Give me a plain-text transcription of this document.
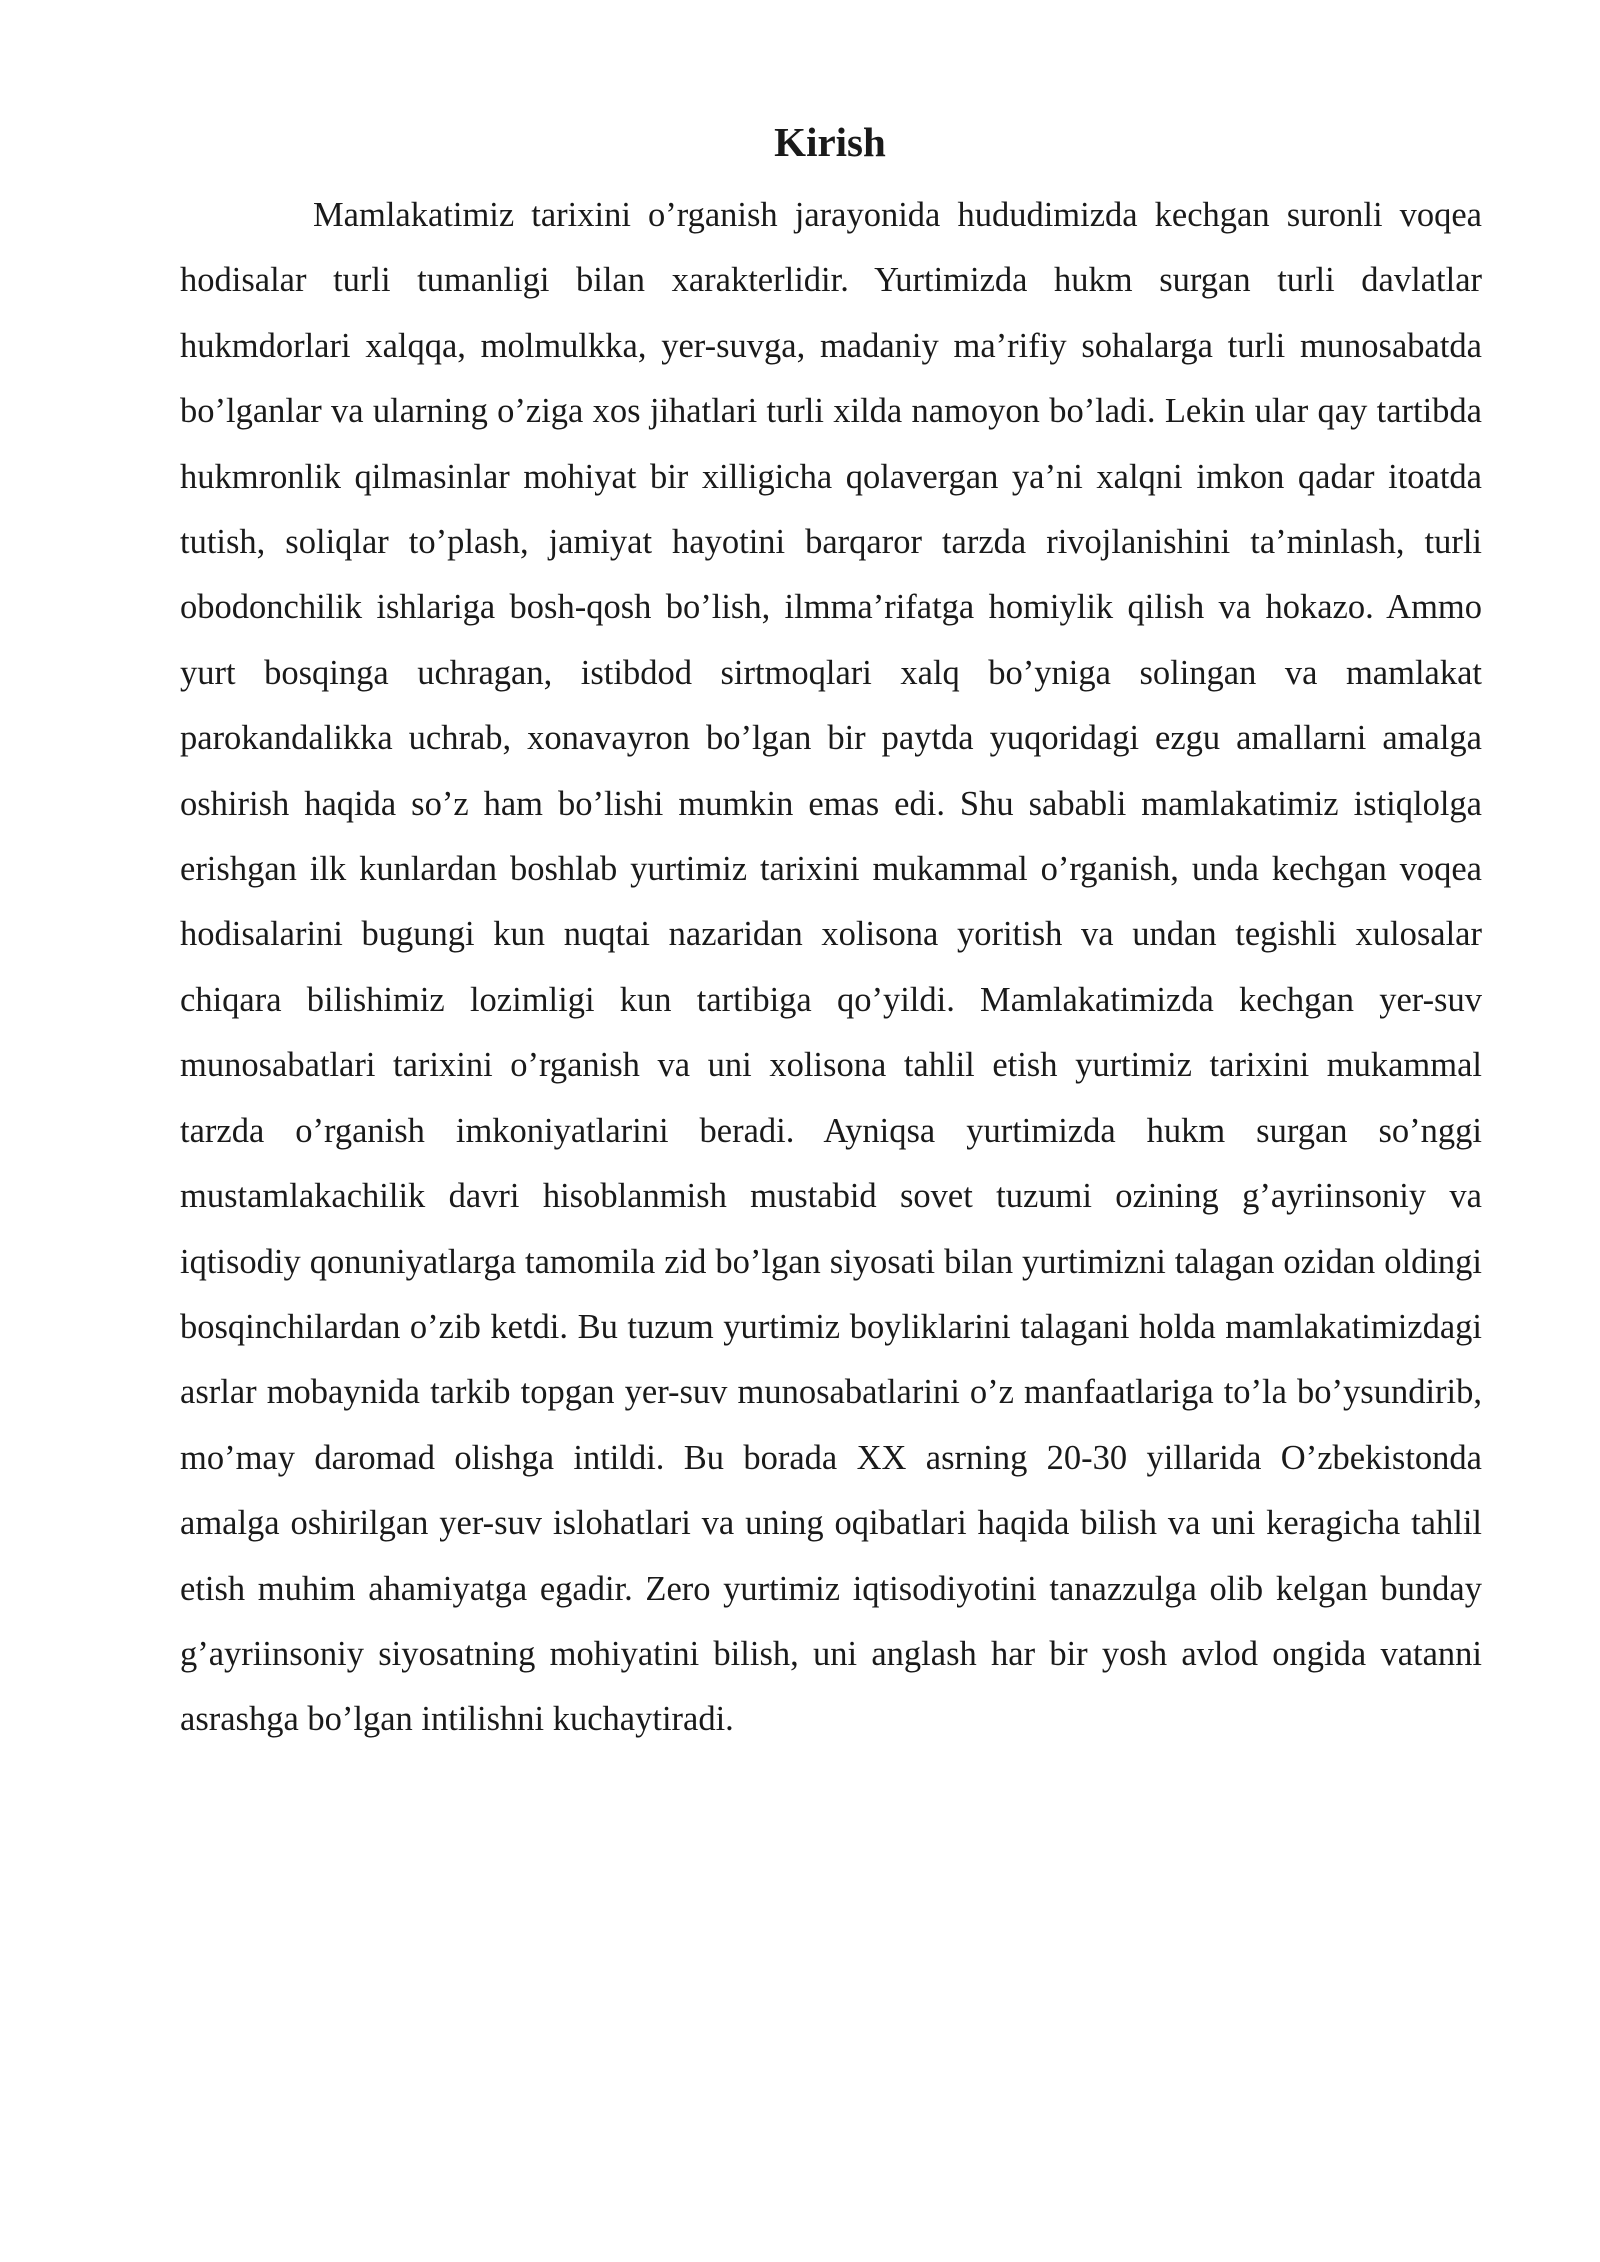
Kirish

Mamlakatimiz tarixini o’rganish jarayonida hududimizda kechgan suronli voqea hodisalar turli tumanligi bilan xarakterlidir. Yurtimizda hukm surgan turli davlatlar hukmdorlari xalqqa, molmulkka, yer-suvga, madaniy ma’rifiy sohalarga turli munosabatda bo’lganlar va ularning o’ziga xos jihatlari turli xilda namoyon bo’ladi. Lekin ular qay tartibda hukmronlik qilmasinlar mohiyat bir xilligicha qolavergan ya’ni xalqni imkon qadar itoatda tutish, soliqlar to’plash, jamiyat hayotini barqaror tarzda rivojlanishini ta’minlash, turli obodonchilik ishlariga bosh-qosh bo’lish, ilmma’rifatga homiylik qilish va hokazo. Ammo yurt bosqinga uchragan, istibdod sirtmoqlari xalq bo’yniga solingan va mamlakat parokandalikka uchrab, xonavayron bo’lgan bir paytda yuqoridagi ezgu amallarni amalga oshirish haqida so’z ham bo’lishi mumkin emas edi. Shu sababli mamlakatimiz istiqlolga erishgan ilk kunlardan boshlab yurtimiz tarixini mukammal o’rganish, unda kechgan voqea hodisalarini bugungi kun nuqtai nazaridan xolisona yoritish va undan tegishli xulosalar chiqara bilishimiz lozimligi kun tartibiga qo’yildi. Mamlakatimizda kechgan yer-suv munosabatlari tarixini o’rganish va uni xolisona tahlil etish yurtimiz tarixini mukammal tarzda o’rganish imkoniyatlarini beradi. Ayniqsa yurtimizda hukm surgan so’nggi mustamlakachilik davri hisoblanmish mustabid sovet tuzumi ozining g’ayriinsoniy va iqtisodiy qonuniyatlarga tamomila zid bo’lgan siyosati bilan yurtimizni talagan ozidan oldingi bosqinchilardan o’zib ketdi. Bu tuzum yurtimiz boyliklarini talagani holda mamlakatimizdagi asrlar mobaynida tarkib topgan yer-suv munosabatlarini o’z manfaatlariga to’la bo’ysundirib, mo’may daromad olishga intildi. Bu borada XX asrning 20-30 yillarida O’zbekistonda amalga oshirilgan yer-suv islohatlari va uning oqibatlari haqida bilish va uni keragicha tahlil etish muhim ahamiyatga egadir. Zero yurtimiz iqtisodiyotini tanazzulga olib kelgan bunday g’ayriinsoniy siyosatning mohiyatini bilish, uni anglash har bir yosh avlod ongida vatanni asrashga bo’lgan intilishni kuchaytiradi.
